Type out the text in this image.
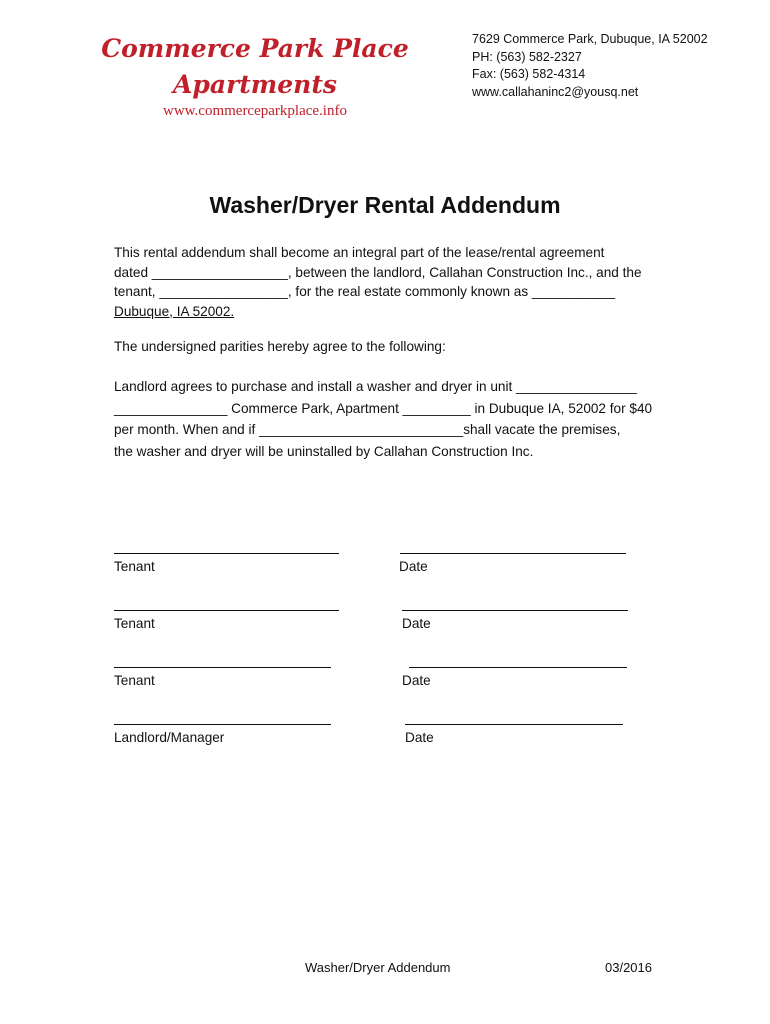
Commerce Park Place
Apartments
www.commerceparkplace.info
7629 Commerce Park, Dubuque, IA 52002
PH: (563) 582-2327
Fax: (563) 582-4314
www.callahaninc2@yousq.net
Washer/Dryer Rental Addendum
This rental addendum shall become an integral part of the lease/rental agreement
dated __________________, between the landlord, Callahan Construction Inc., and the
tenant, _________________, for the real estate commonly known as ___________
Dubuque, IA 52002.
The undersigned parities hereby agree to the following:
Landlord agrees to purchase and install a washer and dryer in unit ________________
_______________ Commerce Park, Apartment _________ in Dubuque IA, 52002 for $40
per month. When and if ___________________________shall vacate the premises,
the washer and dryer will be uninstalled by Callahan Construction Inc.
Tenant	Date
Tenant	Date
Tenant	Date
Landlord/Manager	Date
Washer/Dryer Addendum	03/2016
